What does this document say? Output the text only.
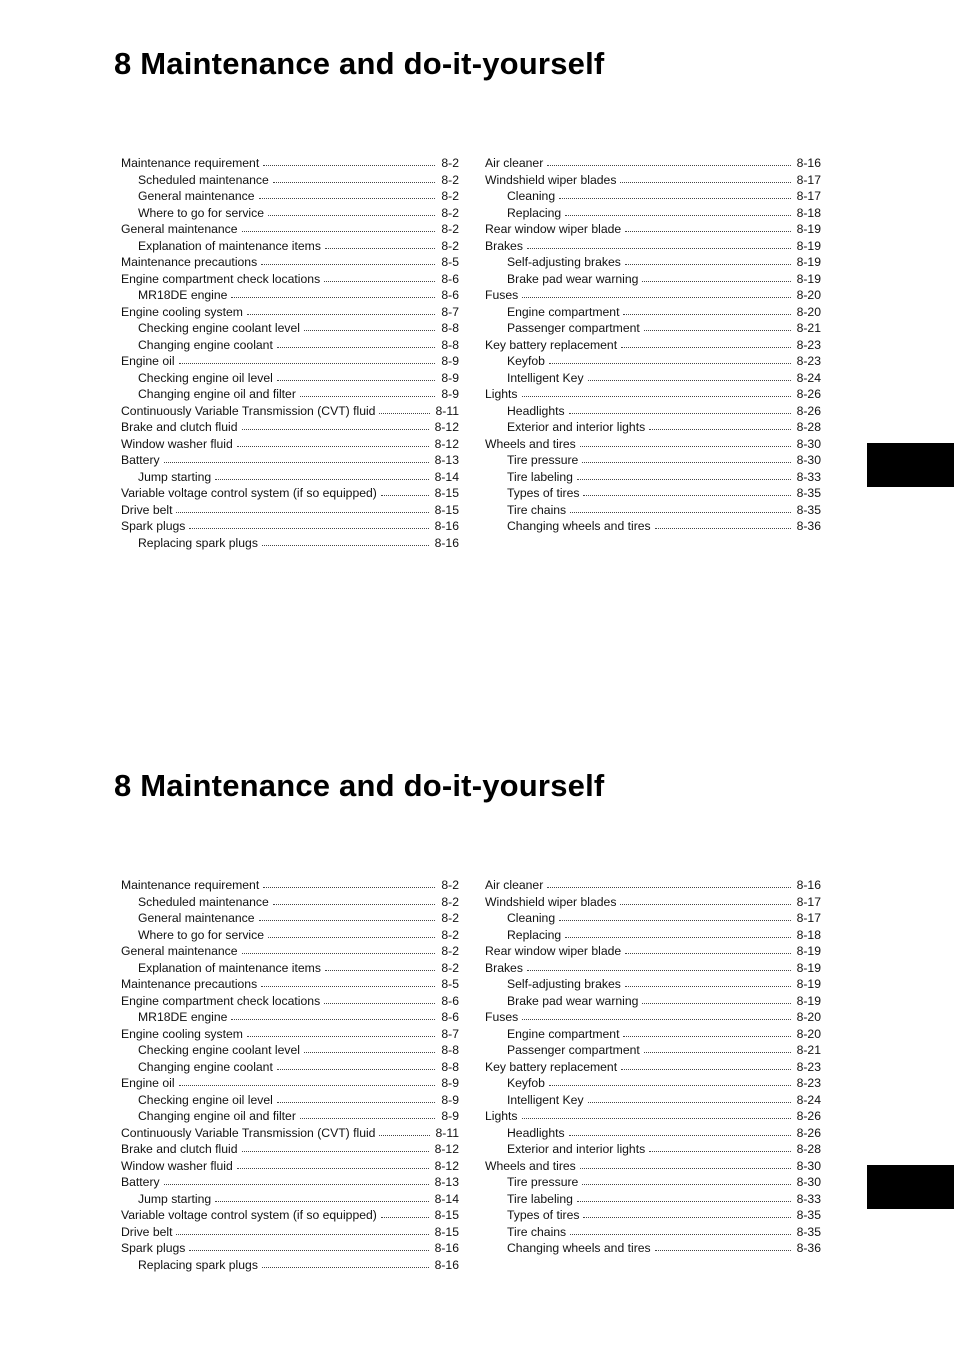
8 Maintenance and do-it-yourself
Maintenance requirement	8-2
Scheduled maintenance	8-2
General maintenance	8-2
Where to go for service	8-2
General maintenance	8-2
Explanation of maintenance items	8-2
Maintenance precautions	8-5
Engine compartment check locations	8-6
MR18DE engine	8-6
Engine cooling system	8-7
Checking engine coolant level	8-8
Changing engine coolant	8-8
Engine oil	8-9
Checking engine oil level	8-9
Changing engine oil and filter	8-9
Continuously Variable Transmission (CVT) fluid	8-11
Brake and clutch fluid	8-12
Window washer fluid	8-12
Battery	8-13
Jump starting	8-14
Variable voltage control system (if so equipped)	8-15
Drive belt	8-15
Spark plugs	8-16
Replacing spark plugs	8-16
Air cleaner	8-16
Windshield wiper blades	8-17
Cleaning	8-17
Replacing	8-18
Rear window wiper blade	8-19
Brakes	8-19
Self-adjusting brakes	8-19
Brake pad wear warning	8-19
Fuses	8-20
Engine compartment	8-20
Passenger compartment	8-21
Key battery replacement	8-23
Keyfob	8-23
Intelligent Key	8-24
Lights	8-26
Headlights	8-26
Exterior and interior lights	8-28
Wheels and tires	8-30
Tire pressure	8-30
Tire labeling	8-33
Types of tires	8-35
Tire chains	8-35
Changing wheels and tires	8-36
8 Maintenance and do-it-yourself
Maintenance requirement	8-2
Scheduled maintenance	8-2
General maintenance	8-2
Where to go for service	8-2
General maintenance	8-2
Explanation of maintenance items	8-2
Maintenance precautions	8-5
Engine compartment check locations	8-6
MR18DE engine	8-6
Engine cooling system	8-7
Checking engine coolant level	8-8
Changing engine coolant	8-8
Engine oil	8-9
Checking engine oil level	8-9
Changing engine oil and filter	8-9
Continuously Variable Transmission (CVT) fluid	8-11
Brake and clutch fluid	8-12
Window washer fluid	8-12
Battery	8-13
Jump starting	8-14
Variable voltage control system (if so equipped)	8-15
Drive belt	8-15
Spark plugs	8-16
Replacing spark plugs	8-16
Air cleaner	8-16
Windshield wiper blades	8-17
Cleaning	8-17
Replacing	8-18
Rear window wiper blade	8-19
Brakes	8-19
Self-adjusting brakes	8-19
Brake pad wear warning	8-19
Fuses	8-20
Engine compartment	8-20
Passenger compartment	8-21
Key battery replacement	8-23
Keyfob	8-23
Intelligent Key	8-24
Lights	8-26
Headlights	8-26
Exterior and interior lights	8-28
Wheels and tires	8-30
Tire pressure	8-30
Tire labeling	8-33
Types of tires	8-35
Tire chains	8-35
Changing wheels and tires	8-36
